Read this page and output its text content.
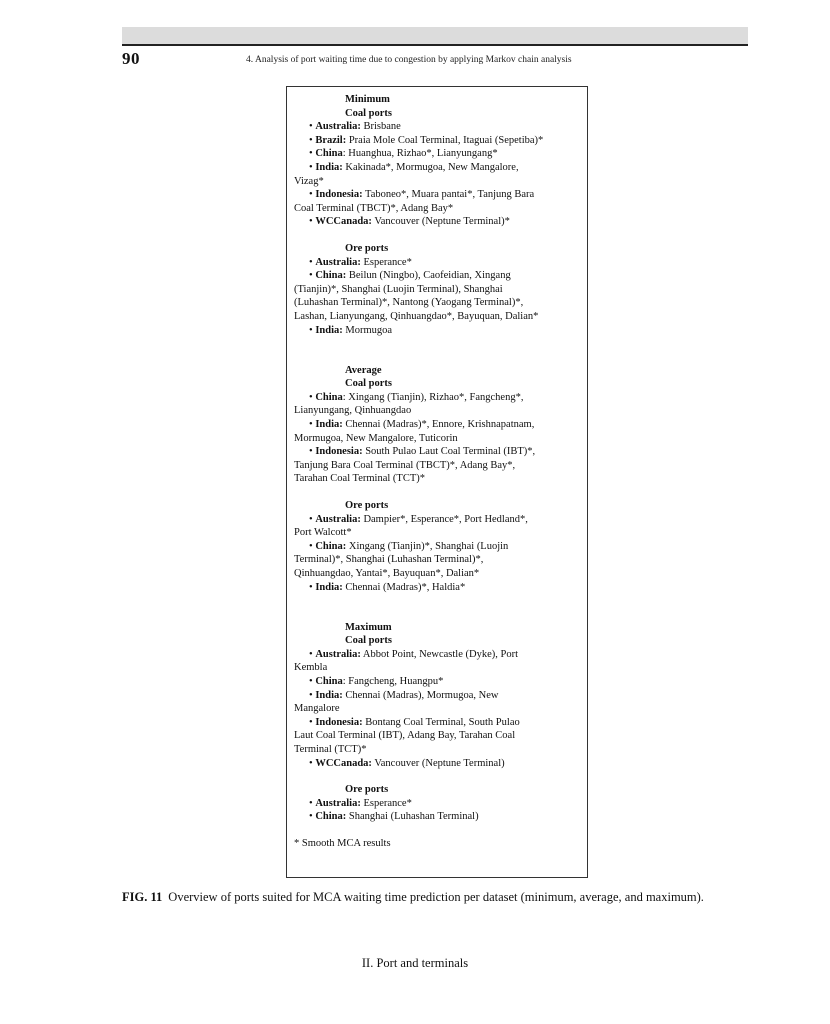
90	4. Analysis of port waiting time due to congestion by applying Markov chain analysis
Minimum
Coal ports
• Australia: Brisbane
• Brazil: Praia Mole Coal Terminal, Itaguai (Sepetiba)*
• China: Huanghua, Rizhao*, Lianyungang*
• India: Kakinada*, Mormugoa, New Mangalore,
Vizag*
• Indonesia: Taboneo*, Muara pantai*, Tanjung Bara
Coal Terminal (TBCT)*, Adang Bay*
• WCCanada: Vancouver (Neptune Terminal)*
Ore ports
• Australia: Esperance*
• China: Beilun (Ningbo), Caofeidian, Xingang
(Tianjin)*, Shanghai (Luojin Terminal), Shanghai
(Luhashan Terminal)*, Nantong (Yaogang Terminal)*,
Lashan, Lianyungang, Qinhuangdao*, Bayuquan, Dalian*
• India: Mormugoa
Average
Coal ports
• China: Xingang (Tianjin), Rizhao*, Fangcheng*,
Lianyungang, Qinhuangdao
• India: Chennai (Madras)*, Ennore, Krishnapatnam,
Mormugoa, New Mangalore, Tuticorin
• Indonesia: South Pulao Laut Coal Terminal (IBT)*,
Tanjung Bara Coal Terminal (TBCT)*, Adang Bay*,
Tarahan Coal Terminal (TCT)*
Ore ports
• Australia: Dampier*, Esperance*, Port Hedland*,
Port Walcott*
• China: Xingang (Tianjin)*, Shanghai (Luojin
Terminal)*, Shanghai (Luhashan Terminal)*,
Qinhuangdao, Yantai*, Bayuquan*, Dalian*
• India: Chennai (Madras)*, Haldia*
Maximum
Coal ports
• Australia: Abbot Point, Newcastle (Dyke), Port
Kembla
• China: Fangcheng, Huangpu*
• India: Chennai (Madras), Mormugoa, New
Mangalore
• Indonesia: Bontang Coal Terminal, South Pulao
Laut Coal Terminal (IBT), Adang Bay, Tarahan Coal
Terminal (TCT)*
• WCCanada: Vancouver (Neptune Terminal)
Ore ports
• Australia: Esperance*
• China: Shanghai (Luhashan Terminal)
* Smooth MCA results
FIG. 11 Overview of ports suited for MCA waiting time prediction per dataset (minimum, average, and maximum).
II. Port and terminals
